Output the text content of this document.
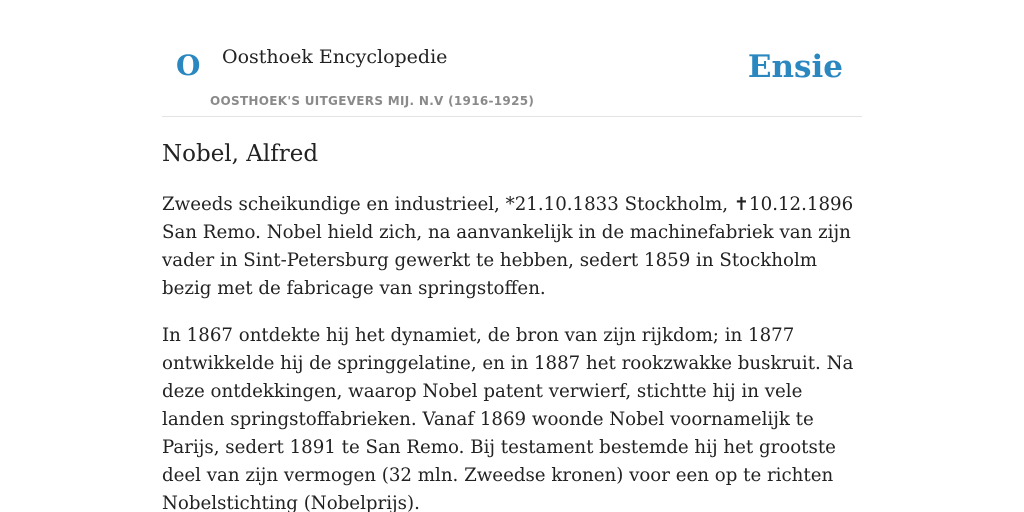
O Oosthoek Encyclopedie
OOSTHOEK'S UITGEVERS MIJ. N.V (1916-1925)
Ensie
Nobel, Alfred

Zweeds scheikundige en industrieel, *21.10.1833 Stockholm, ✝10.12.1896 San Remo. Nobel hield zich, na aanvankelijk in de machinefabriek van zijn vader in Sint-Petersburg gewerkt te hebben, sedert 1859 in Stockholm bezig met de fabricage van springstoffen.

In 1867 ontdekte hij het dynamiet, de bron van zijn rijkdom; in 1877 ontwikkelde hij de springgelatine, en in 1887 het rookzwakke buskruit. Na deze ontdekkingen, waarop Nobel patent verwierf, stichtte hij in vele landen springstoffabrieken. Vanaf 1869 woonde Nobel voornamelijk te Parijs, sedert 1891 te San Remo. Bij testament bestemde hij het grootste deel van zijn vermogen (32 mln. Zweedse kronen) voor een op te richten Nobelstichting (Nobelprijs).
